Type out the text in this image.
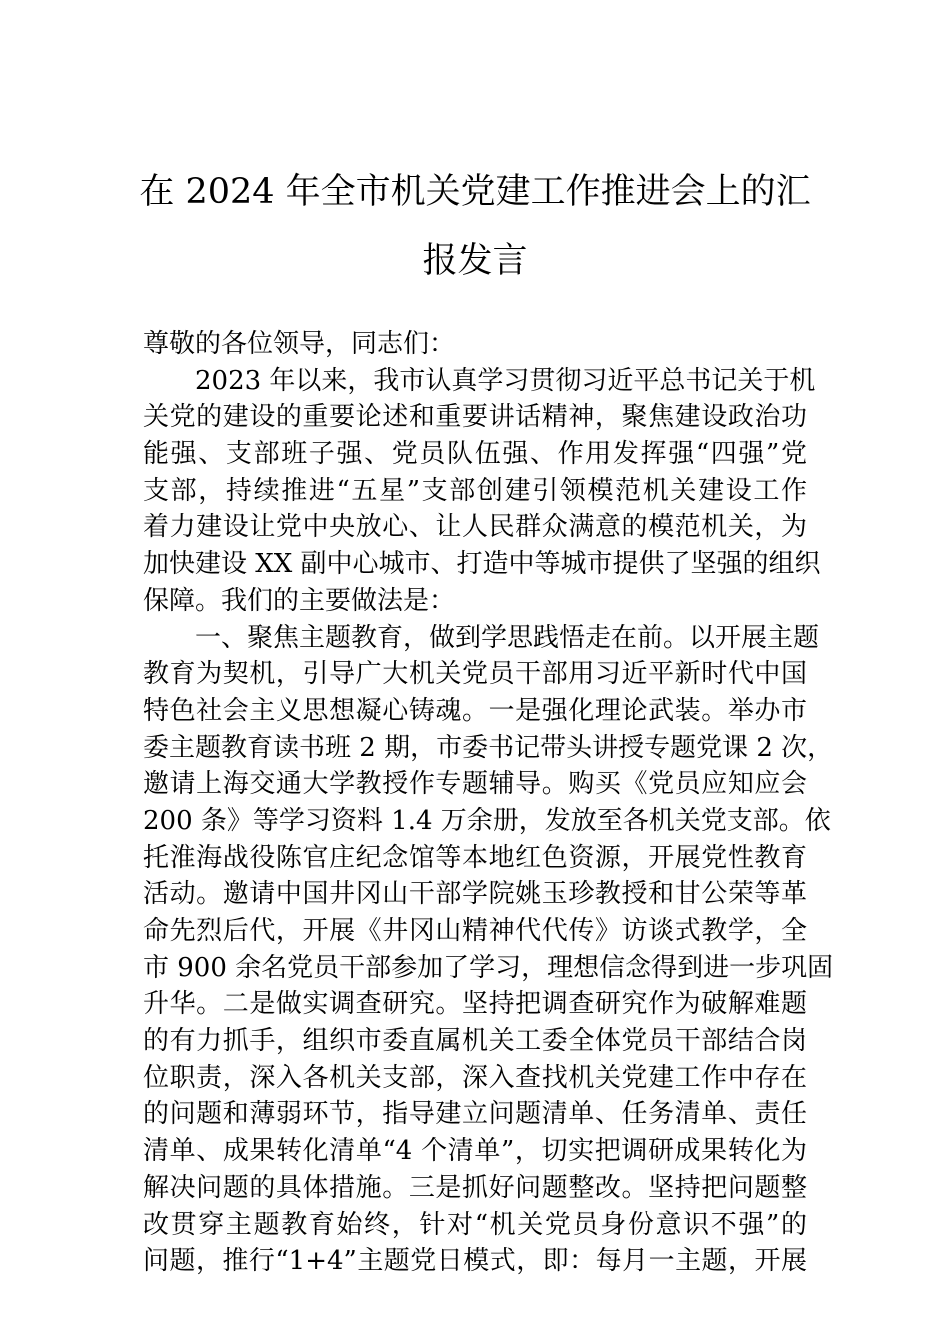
在 2024 年全市机关党建工作推进会上的汇
报发言
尊敬的各位领导，同志们：
2023 年以来，我市认真学习贯彻习近平总书记关于机
关党的建设的重要论述和重要讲话精神，聚焦建设政治功
能强、支部班子强、党员队伍强、作用发挥强“四强”党
支部，持续推进“五星”支部创建引领模范机关建设工作
着力建设让党中央放心、让人民群众满意的模范机关，为
加快建设 XX 副中心城市、打造中等城市提供了坚强的组织
保障。我们的主要做法是：
一、聚焦主题教育，做到学思践悟走在前。以开展主题
教育为契机，引导广大机关党员干部用习近平新时代中国
特色社会主义思想凝心铸魂。一是强化理论武装。举办市
委主题教育读书班 2 期，市委书记带头讲授专题党课 2 次，
邀请上海交通大学教授作专题辅导。购买《党员应知应会
200 条》等学习资料 1.4 万余册，发放至各机关党支部。依
托淮海战役陈官庄纪念馆等本地红色资源，开展党性教育
活动。邀请中国井冈山干部学院姚玉珍教授和甘公荣等革
命先烈后代，开展《井冈山精神代代传》访谈式教学，全
市 900 余名党员干部参加了学习，理想信念得到进一步巩固
升华。二是做实调查研究。坚持把调查研究作为破解难题
的有力抓手，组织市委直属机关工委全体党员干部结合岗
位职责，深入各机关支部，深入查找机关党建工作中存在
的问题和薄弱环节，指导建立问题清单、任务清单、责任
清单、成果转化清单“4 个清单”，切实把调研成果转化为
解决问题的具体措施。三是抓好问题整改。坚持把问题整
改贯穿主题教育始终，针对“机关党员身份意识不强”的
问题，推行“1+4”主题党日模式，即：每月一主题，开展
